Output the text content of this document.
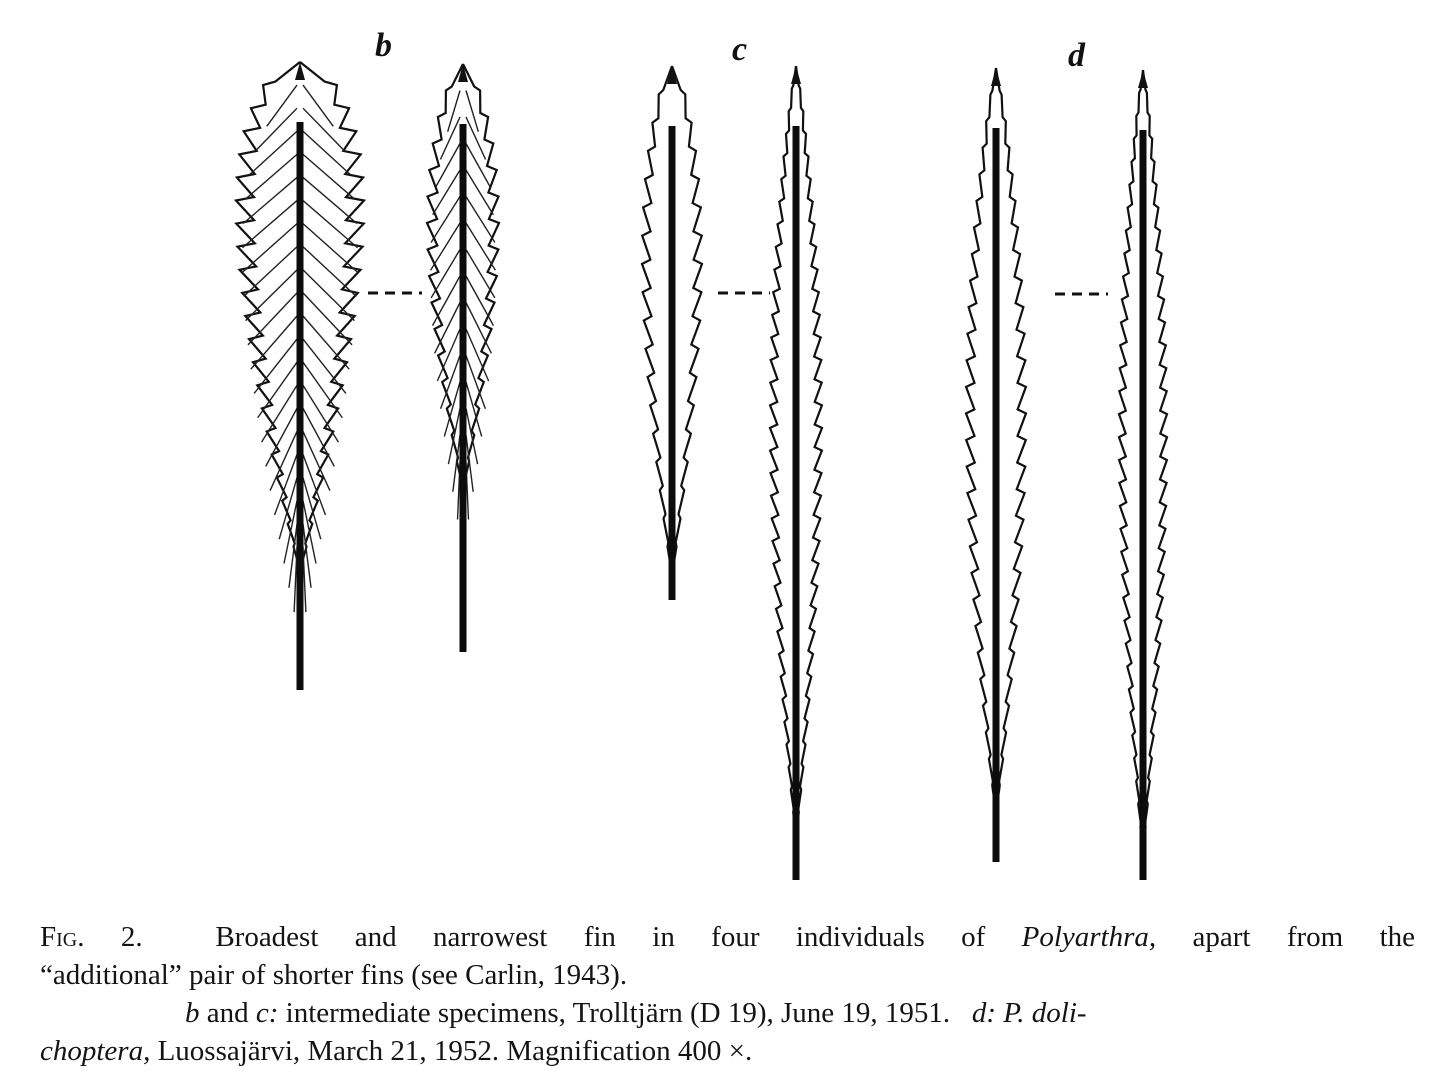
b	c	d

Fig. 2.	Broadest and narrowest fin in four individuals of Polyarthra, apart from the

“additional” pair of shorter fins (see Carlin, 1943).

b and c: intermediate specimens, Trolltjärn (D 19), June 19, 1951. d: P. doli-

choptera, Luossajärvi, March 21, 1952. Magnification 400 ×.
